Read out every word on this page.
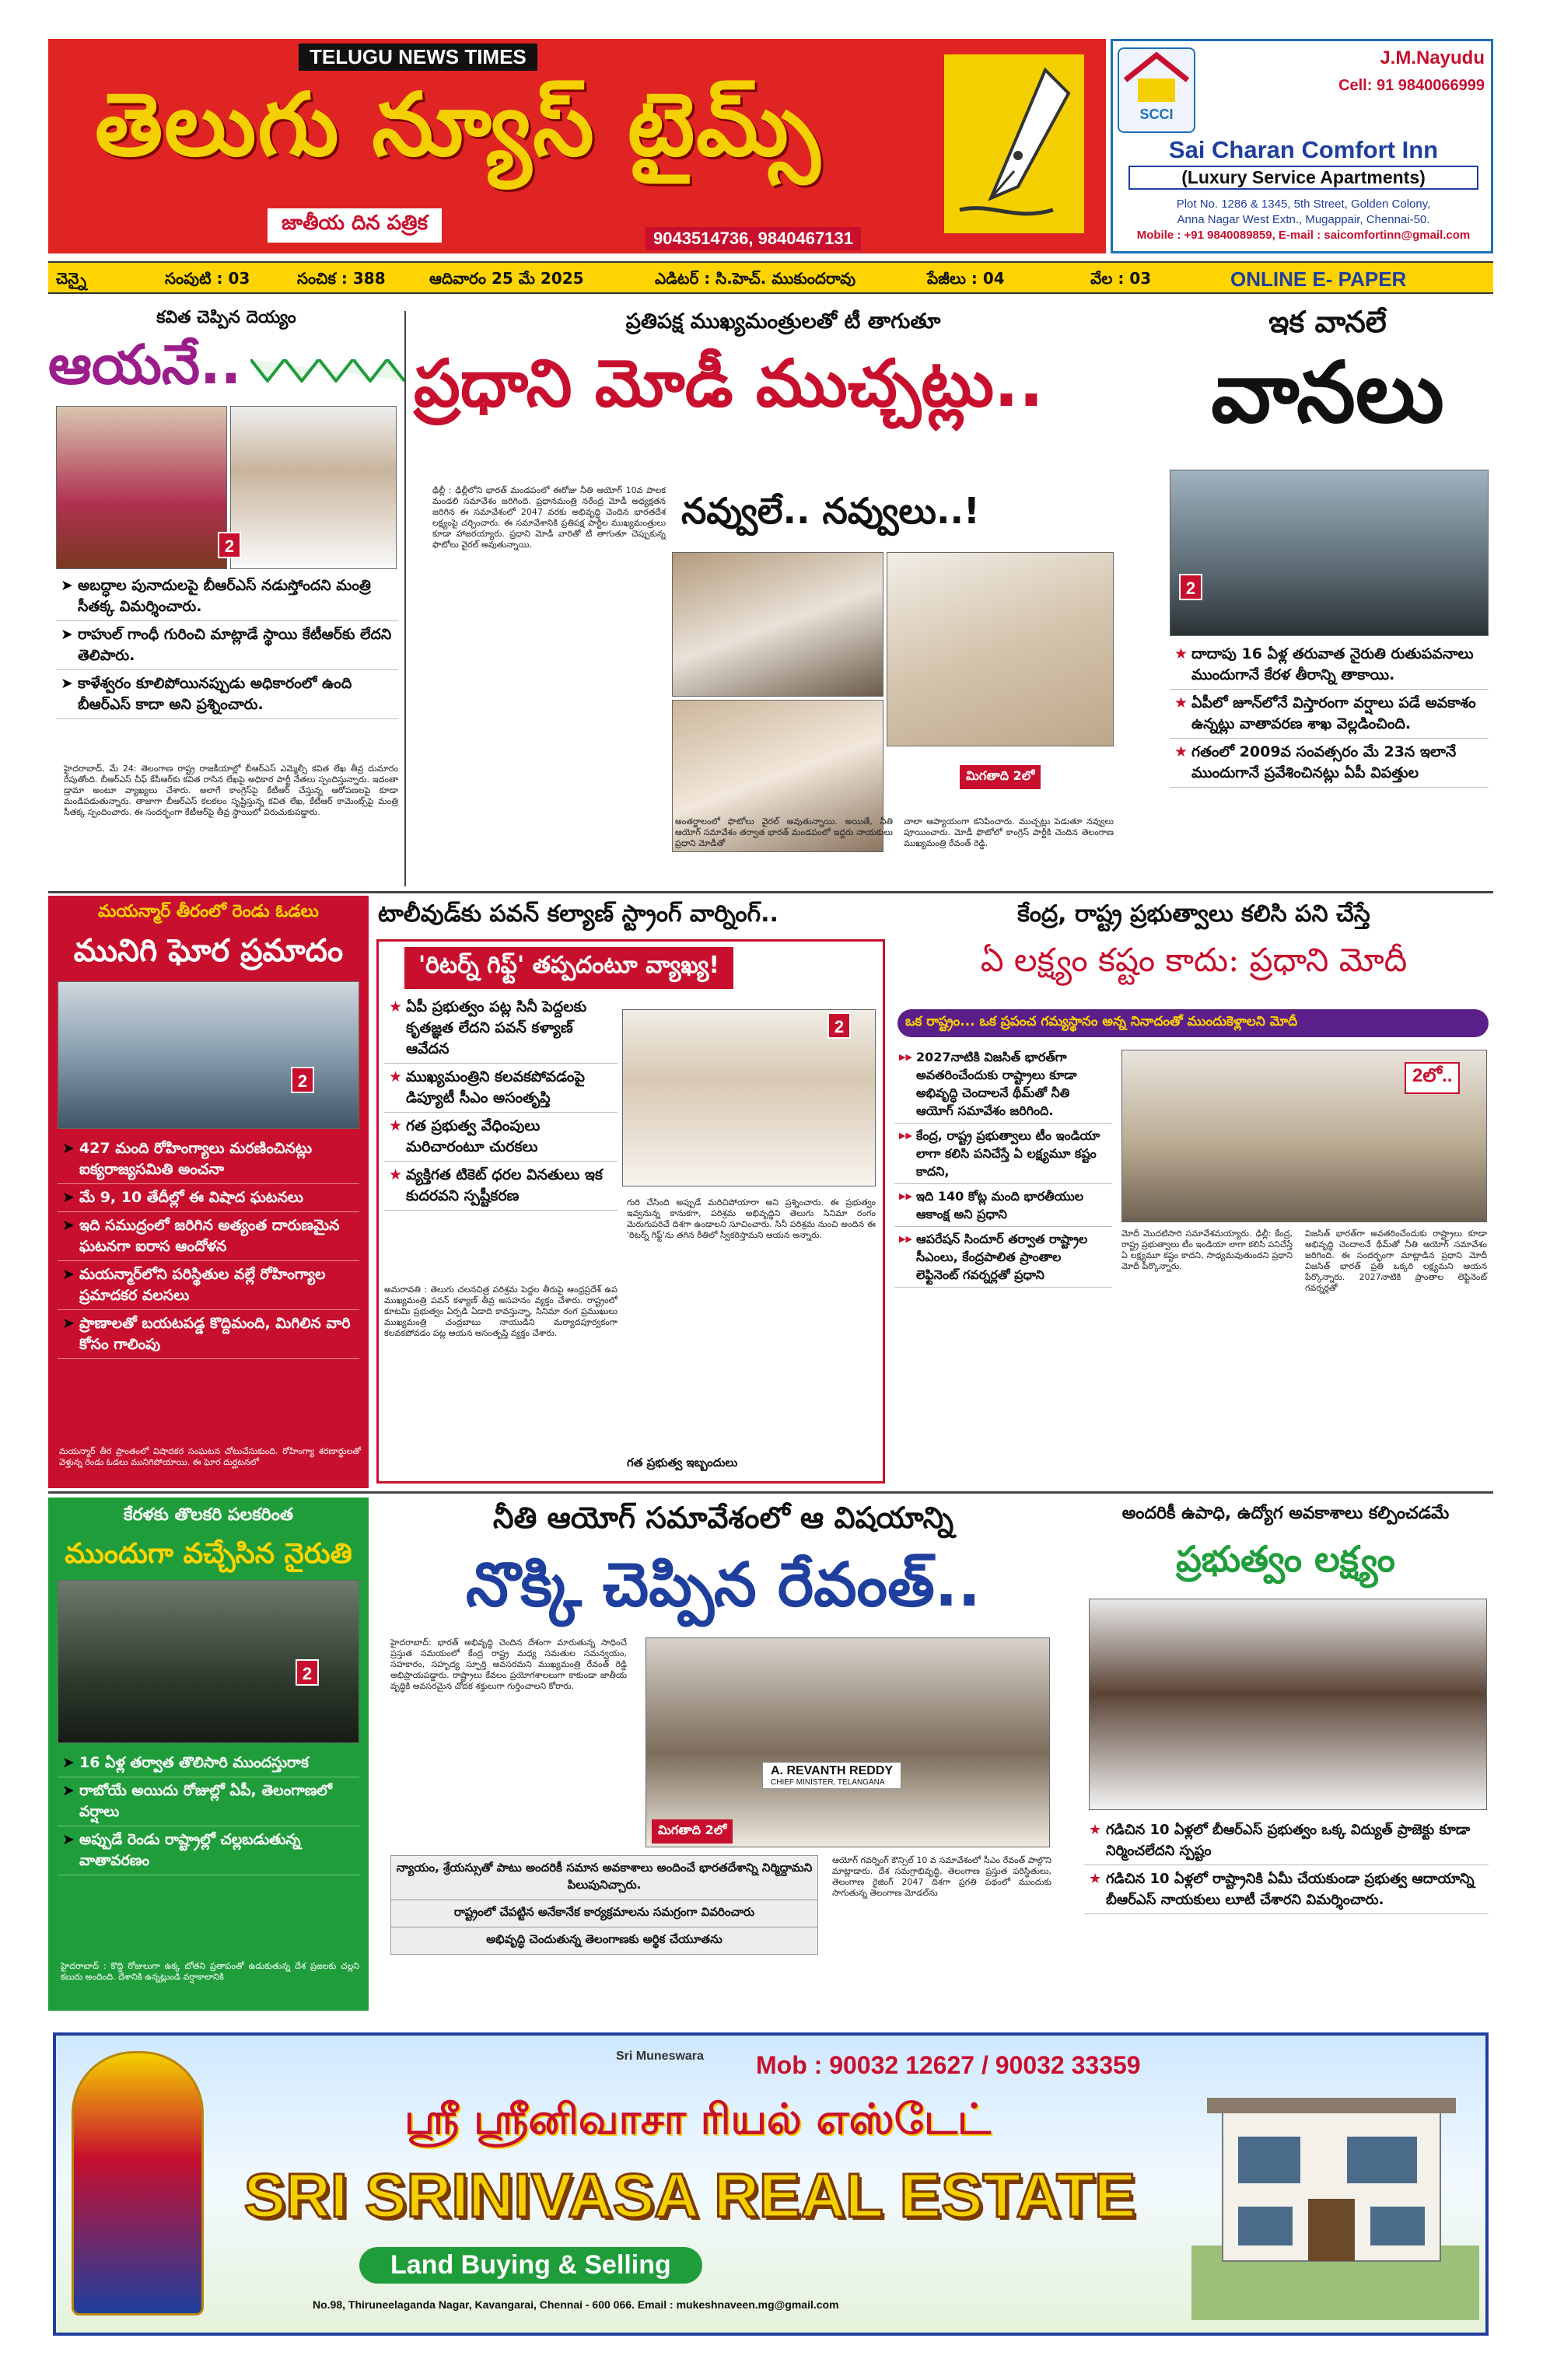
TELUGU NEWS TIMES
తెలుగు న్యూస్ టైమ్స్
జాతీయ దిన పత్రిక
9043514736, 9840467131
SCCI
J.M.Nayudu
Cell: 91 9840066999
Sai Charan Comfort Inn
(Luxury Service Apartments)
Plot No. 1286 & 1345, 5th Street, Golden Colony,
Anna Nagar West Extn., Mugappair, Chennai-50.
Mobile : +91 9840089859, E-mail : saicomfortinn@gmail.com
చెన్నై	సంపుటి : 03	సంచిక : 388	ఆదివారం 25 మే 2025	ఎడిటర్ : సి.హెచ్. ముకుందరావు	పేజీలు : 04	వేల : 03	ONLINE E- PAPER
కవిత చెప్పిన దెయ్యం
ఆయనే..
2
➤ అబద్ధాల పునాదులపై బీఆర్ఎస్ నడుస్తోందని మంత్రి సీతక్క విమర్శించారు.
➤ రాహుల్ గాంధీ గురించి మాట్లాడే స్థాయి కేటీఆర్‌కు లేదని తెలిపారు.
➤ కాళేశ్వరం కూలిపోయినప్పుడు అధికారంలో ఉంది బీఆర్ఎస్ కాదా అని ప్రశ్నించారు.
హైదరాబాద్, మే 24: తెలంగాణ రాష్ట్ర రాజకీయాల్లో బీఆర్ఎస్ ఎమ్మెల్సీ కవిత లేఖ తీవ్ర దుమారం రేపుతోంది. బీఆర్ఎస్ చీఫ్ కేసీఆర్‌కు కవిత రాసిన లేఖపై అధికార పార్టీ నేతలు స్పందిస్తున్నారు. ఇదంతా డ్రామా అంటూ వ్యాఖ్యలు చేశారు. అలాగే కాంగ్రెస్‌పై కేటీఆర్ చేస్తున్న ఆరోపణలపై కూడా మండిపడుతున్నారు. తాజాగా బీఆర్ఎస్ కలకలం సృష్టిస్తున్న కవిత లేఖ, కేటీఆర్ కామెంట్స్‌పై మంత్రి సీతక్క స్పందించారు. ఈ సందర్భంగా కేటీఆర్‌పై తీవ్ర స్థాయిలో విరుచుకుపడ్డారు.
ప్రతిపక్ష ముఖ్యమంత్రులతో టీ తాగుతూ
ప్రధాని మోడీ ముచ్చట్లు..
ఢిల్లీ : ఢిల్లీలోని భారత్ మండపంలో ఈరోజు నీతి ఆయోగ్ 10వ పాలక మండలి సమావేశం జరిగింది. ప్రధానమంత్రి నరేంద్ర మోడీ అధ్యక్షతన జరిగిన ఈ సమావేశంలో 2047 వరకు అభివృద్ధి చెందిన భారతదేశ లక్ష్యంపై చర్చించారు. ఈ సమావేశానికి ప్రతిపక్ష పార్టీల ముఖ్యమంత్రులు కూడా హాజరయ్యారు. ప్రధాని మోడీ వారితో టీ తాగుతూ చెప్పుకున్న ఫొటోలు వైరల్ అవుతున్నాయి.
నవ్వులే.. నవ్వులు..!
మిగతాది 2లో
అంతర్జాలంలో ఫొటోలు వైరల్ అవుతున్నాయి. అయితే, నీతి ఆయోగ్ సమావేశం తర్వాత భారత్ మండపంలో ఇద్దరు నాయకులు ప్రధాని మోడీతో
చాలా ఆప్యాయంగా కనిపించారు. ముచ్చట్లు పెడుతూ నవ్వులు పూయించారు. మోడీ ఫొటోలో కాంగ్రెస్ పార్టీకి చెందిన తెలంగాణ ముఖ్యమంత్రి రేవంత్ రెడ్డి.
ఇక వానలే
వానలు
2
★ దాదాపు 16 ఏళ్ల తరువాత నైరుతి రుతుపవనాలు ముందుగానే కేరళ తీరాన్ని తాకాయి.
★ ఏపీలో జూన్‌లోనే విస్తారంగా వర్షాలు పడే అవకాశం ఉన్నట్లు వాతావరణ శాఖ వెల్లడించింది.
★ గతంలో 2009వ సంవత్సరం మే 23న ఇలానే ముందుగానే ప్రవేశించినట్లు ఏపీ విపత్తుల
మయన్మార్ తీరంలో రెండు ఓడలు
మునిగి ఘోర ప్రమాదం
2
➤ 427 మంది రోహింగ్యాలు మరణించినట్లు ఐక్యరాజ్యసమితి అంచనా
➤ మే 9, 10 తేదీల్లో ఈ విషాద ఘటనలు
➤ ఇది సముద్రంలో జరిగిన అత్యంత దారుణమైన ఘటనగా ఐరాస ఆందోళన
➤ మయన్మార్‌లోని పరిస్థితుల వల్లే రోహింగ్యాల ప్రమాదకర వలసలు
➤ ప్రాణాలతో బయటపడ్డ కొద్దిమంది, మిగిలిన వారి కోసం గాలింపు
మయన్మార్ తీర ప్రాంతంలో విషాదకర సంఘటన చోటుచేసుకుంది. రోహింగ్యా శరణార్థులతో వెళ్తున్న రెండు ఓడలు మునిగిపోయాయి. ఈ ఘోర దుర్ఘటనలో
టాలీవుడ్‌కు పవన్ కల్యాణ్ స్ట్రాంగ్ వార్నింగ్..
'రిటర్న్ గిఫ్ట్' తప్పదంటూ వ్యాఖ్య!
★ ఏపీ ప్రభుత్వం పట్ల సినీ పెద్దలకు కృతజ్ఞత లేదని పవన్ కళ్యాణ్ ఆవేదన
★ ముఖ్యమంత్రిని కలవకపోవడంపై డిప్యూటీ సీఎం అసంతృప్తి
★ గత ప్రభుత్వ వేధింపులు మరిచారంటూ చురకలు
★ వ్యక్తిగత టికెట్ ధరల వినతులు ఇక కుదరవని స్పష్టీకరణ
2
అమరావతి : తెలుగు చలనచిత్ర పరిశ్రమ పెద్దల తీరుపై ఆంధ్రప్రదేశ్ ఉప ముఖ్యమంత్రి పవన్ కళ్యాణ్ తీవ్ర అసహనం వ్యక్తం చేశారు. రాష్ట్రంలో కూటమి ప్రభుత్వం ఏర్పడి ఏడాది కావస్తున్నా, సినిమా రంగ ప్రముఖులు ముఖ్యమంత్రి చంద్రబాబు నాయుడిని మర్యాదపూర్వకంగా కలవకపోవడం పట్ల ఆయన అసంతృప్తి వ్యక్తం చేశారు.
గురి చేసింది అప్పుడే మరిచిపోయారా అని ప్రశ్నించారు. ఈ ప్రభుత్వం ఇవ్వనున్న కానుకగా, పరిశ్రమ అభివృద్ధిని తెలుగు సినిమా రంగం మెరుగుపరిచే దిశగా ఉండాలని సూచించారు. సినీ పరిశ్రమ నుంచి అందిన ఈ 'రిటర్న్ గిఫ్ట్'ను తగిన రీతిలో స్వీకరిస్తామని ఆయన అన్నారు.
గత ప్రభుత్వ ఇబ్బందులు
కేంద్ర, రాష్ట్ర ప్రభుత్వాలు కలిసి పని చేస్తే
ఏ లక్ష్యం కష్టం కాదు: ప్రధాని మోదీ
ఒక రాష్ట్రం... ఒక ప్రపంచ గమ్యస్థానం అన్న నినాదంతో ముందుకెళ్లాలని మోదీ
▶▶ 2027నాటికి విజసిత్ భారత్‌గా అవతరించేందుకు రాష్ట్రాలు కూడా అభివృద్ధి చెందాలనే థీమ్‌తో నీతి ఆయోగ్ సమావేశం జరిగింది.
▶▶ కేంద్ర, రాష్ట్ర ప్రభుత్వాలు టీం ఇండియా లాగా కలిసి పనిచేస్తే ఏ లక్ష్యమూ కష్టం కాదని,
▶▶ ఇది 140 కోట్ల మంది భారతీయుల ఆకాంక్ష అని ప్రధాని
▶▶ ఆపరేషన్ సిందూర్ తర్వాత రాష్ట్రాల సీఎంలు, కేంద్రపాలిత ప్రాంతాల లెఫ్టినెంట్ గవర్నర్లతో ప్రధాని
2లో..
మోదీ మొదటిసారి సమావేశమయ్యారు. ఢిల్లీ: కేంద్ర, రాష్ట్ర ప్రభుత్వాలు టీం ఇండియా లాగా కలిసి పనిచేస్తే ఏ లక్ష్యమూ కష్టం కాదని, సాధ్యమవుతుందని ప్రధాని మోదీ పేర్కొన్నారు.
విజసిత్ భారత్‌గా అవతరించేందుకు రాష్ట్రాలు కూడా అభివృద్ధి చెందాలనే థీమ్‌తో నీతి ఆయోగ్ సమావేశం జరిగింది. ఈ సందర్భంగా మాట్లాడిన ప్రధాని మోదీ విజసిత్ భారత్ ప్రతి ఒక్కరి లక్ష్యమని ఆయన పేర్కొన్నారు. 2027నాటికి ప్రాంతాల లెఫ్టినెంట్ గవర్నర్లతో
కేరళకు తొలకరి పలకరింత
ముందుగా వచ్చేసిన నైరుతి
2
➤ 16 ఏళ్ల తర్వాత తొలిసారి ముందస్తురాక
➤ రాబోయే అయిదు రోజుల్లో ఏపీ, తెలంగాణలో వర్షాలు
➤ అప్పుడే రెండు రాష్ట్రాల్లో చల్లబడుతున్న వాతావరణం
హైదరాబాద్ : కొద్ది రోజులుగా ఉక్క బోతని ప్రతాపంతో ఉడుకుతున్న దేశ ప్రజలకు చల్లని కబురు అందింది. దేశానికి ఉన్నట్లుండి వర్షాకాలానికి
నీతి ఆయోగ్ సమావేశంలో ఆ విషయాన్ని
నొక్కి చెప్పిన రేవంత్..
హైదరాబాద్: భారత్ అభివృద్ధి చెందిన దేశంగా మారుతున్న సాధించే ప్రస్తుత సమయంలో కేంద్ర రాష్ట్ర మధ్య సమతుల సమన్వయం, సహకారం, సహృద్య స్ఫూర్తి అవసరమని ముఖ్యమంత్రి రేవంత్ రెడ్డి అభిప్రాయపడ్డారు. రాష్ట్రాలు కేవలం ప్రయోగశాలలుగా కాకుండా జాతీయ వృద్ధికి అవసరమైన చోదక శక్తులుగా గుర్తించాలని కోరారు.
A. REVANTH REDDY
CHIEF MINISTER, TELANGANA
మిగతాది 2లో
న్యాయం, శ్రేయస్సుతో పాటు అందరికీ సమాన అవకాశాలు అందించే భారతదేశాన్ని నిర్మిద్దామని పిలుపునిచ్చారు.
రాష్ట్రంలో చేపట్టిన అనేకానేక కార్యక్రమాలను సమగ్రంగా వివరించారు
అభివృద్ధి చెందుతున్న తెలంగాణకు అర్థిక చేయూతను
ఆయోగ్ గవర్నింగ్ కౌన్సిల్ 10 వ సమావేశంలో సీఎం రేవంత్ పాల్గొని మాట్లాడారు. దేశ సమగ్రాభివృద్ధి, తెలంగాణ ప్రస్తుత పరిస్థితులు, తెలంగాణ రైజింగ్ 2047 దిశగా ప్రగతి పథంలో ముందుకు సాగుతున్న తెలంగాణ మోడల్‌ను
అందరికీ ఉపాధి, ఉద్యోగ అవకాశాలు కల్పించడమే
ప్రభుత్వం లక్ష్యం
★ గడిచిన 10 ఏళ్లలో బీఆర్ఎస్ ప్రభుత్వం ఒక్క విద్యుత్ ప్రాజెక్టు కూడా నిర్మించలేదని స్పష్టం
★ గడిచిన 10 ఏళ్లలో రాష్ట్రానికి ఏమీ చేయకుండా ప్రభుత్వ ఆదాయాన్ని బీఆర్ఎస్ నాయకులు లూటీ చేశారని విమర్శించారు.
Sri Muneswara Mob : 90032 12627 / 90032 33359
ஸ்ரீ ஸ்ரீனிவாசா ரியல் எஸ்டேட்
SRI SRINIVASA REAL ESTATE
Land Buying & Selling
No.98, Thiruneelaganda Nagar, Kavangarai, Chennai - 600 066. Email : mukeshnaveen.mg@gmail.com
